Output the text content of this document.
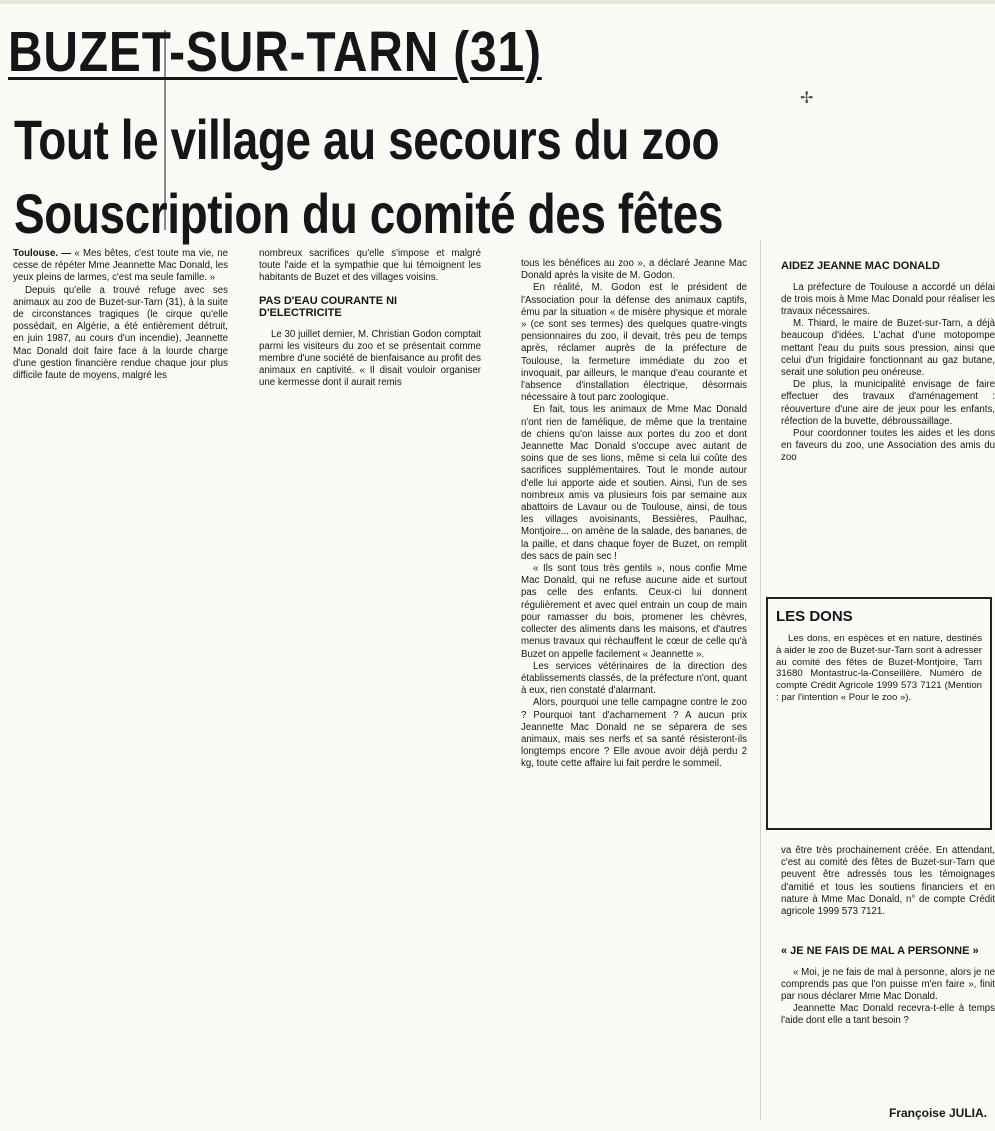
✢
BUZET-SUR-TARN (31)
Tout le village au secours du zoo
Souscription du comité des fêtes

Toulouse. — « Mes bêtes, c'est toute ma vie, ne cesse de répéter Mme Jeannette Mac Donald, les yeux pleins de larmes, c'est ma seule famille. »

Depuis qu'elle a trouvé refuge avec ses animaux au zoo de Buzet-sur-Tarn (31), à la suite de circonstances tragiques (le cirque qu'elle possédait, en Algérie, a été entièrement détruit, en juin 1987, au cours d'un incendie), Jeannette Mac Donald doit faire face à la lourde charge d'une gestion financière rendue chaque jour plus difficile faute de moyens, malgré les

nombreux sacrifices qu'elle s'impose et malgré toute l'aide et la sympathie que lui témoignent les habitants de Buzet et des villages voisins.

PAS D'EAU COURANTE NI D'ELECTRICITE

Le 30 juillet dernier, M. Christian Godon comptait parmi les visiteurs du zoo et se présentait comme membre d'une société de bienfaisance au profit des animaux en captivité. « Il disait vouloir organiser une kermesse dont il aurait remis

tous les bénéfices au zoo », a déclaré Jeanne Mac Donald après la visite de M. Godon.

En réalité, M. Godon est le président de l'Association pour la défense des animaux captifs, ému par la situation « de misère physique et morale » (ce sont ses termes) des quelques quatre-vingts pensionnaires du zoo, il devait, très peu de temps après, réclamer auprès de la préfecture de Toulouse, la fermeture immédiate du zoo et invoquait, par ailleurs, le manque d'eau courante et l'absence d'installation électrique, désormais nécessaire à tout parc zoologique.

En fait, tous les animaux de Mme Mac Donald n'ont rien de famélique, de même que la trentaine de chiens qu'on laisse aux portes du zoo et dont Jeannette Mac Donald s'occupe avec autant de soins que de ses lions, même si cela lui coûte des sacrifices supplémentaires. Tout le monde autour d'elle lui apporte aide et soutien. Ainsi, l'un de ses nombreux amis va plusieurs fois par semaine aux abattoirs de Lavaur ou de Toulouse, ainsi, de tous les villages avoisinants, Bessières, Paulhac, Montjoire... on amène de la salade, des bananes, de la paille, et dans chaque foyer de Buzet, on remplit des sacs de pain sec !

« Ils sont tous très gentils », nous confie Mme Mac Donald, qui ne refuse aucune aide et surtout pas celle des enfants. Ceux-ci lui donnent régulièrement et avec quel entrain un coup de main pour ramasser du bois, promener les chèvres, collecter des aliments dans les maisons, et d'autres menus travaux qui réchauffent le cœur de celle qu'à Buzet on appelle facilement « Jeannette ».

Les services vétérinaires de la direction des établissements classés, de la préfecture n'ont, quant à eux, rien constaté d'alarmant.

Alors, pourquoi une telle campagne contre le zoo ? Pourquoi tant d'acharnement ? A aucun prix Jeannette Mac Donald ne se séparera de ses animaux, mais ses nerfs et sa santé résisteront-ils longtemps encore ? Elle avoue avoir déjà perdu 2 kg, toute cette affaire lui fait perdre le sommeil.

AIDEZ JEANNE MAC DONALD

La préfecture de Toulouse a accordé un délai de trois mois à Mme Mac Donald pour réaliser les travaux nécessaires.

M. Thiard, le maire de Buzet-sur-Tarn, a déjà beaucoup d'idées. L'achat d'une motopompe mettant l'eau du puits sous pression, ainsi que celui d'un frigidaire fonctionnant au gaz butane, serait une solution peu onéreuse.

De plus, la municipalité envisage de faire effectuer des travaux d'aménagement : réouverture d'une aire de jeux pour les enfants, réfection de la buvette, débroussaillage.

Pour coordonner toutes les aides et les dons en faveurs du zoo, une Association des amis du zoo

LES DONS
Les dons, en espèces et en nature, destinés à aider le zoo de Buzet-sur-Tarn sont à adresser au comité des fêtes de Buzet-Montjoire, Tarn 31680 Montastruc-la-Conseillère. Numéro de compte Crédit Agricole 1999 573 7121 (Mention : par l'intention « Pour le zoo »).

va être très prochainement créée. En attendant, c'est au comité des fêtes de Buzet-sur-Tarn que peuvent être adressés tous les témoignages d'amitié et tous les soutiens financiers et en nature à Mme Mac Donald, n° de compte Crédit agricole 1999 573 7121.

« JE NE FAIS DE MAL A PERSONNE »

« Moi, je ne fais de mal à personne, alors je ne comprends pas que l'on puisse m'en faire », finit par nous déclarer Mme Mac Donald.

Jeannette Mac Donald recevra-t-elle à temps l'aide dont elle a tant besoin ?

Françoise JULIA.
